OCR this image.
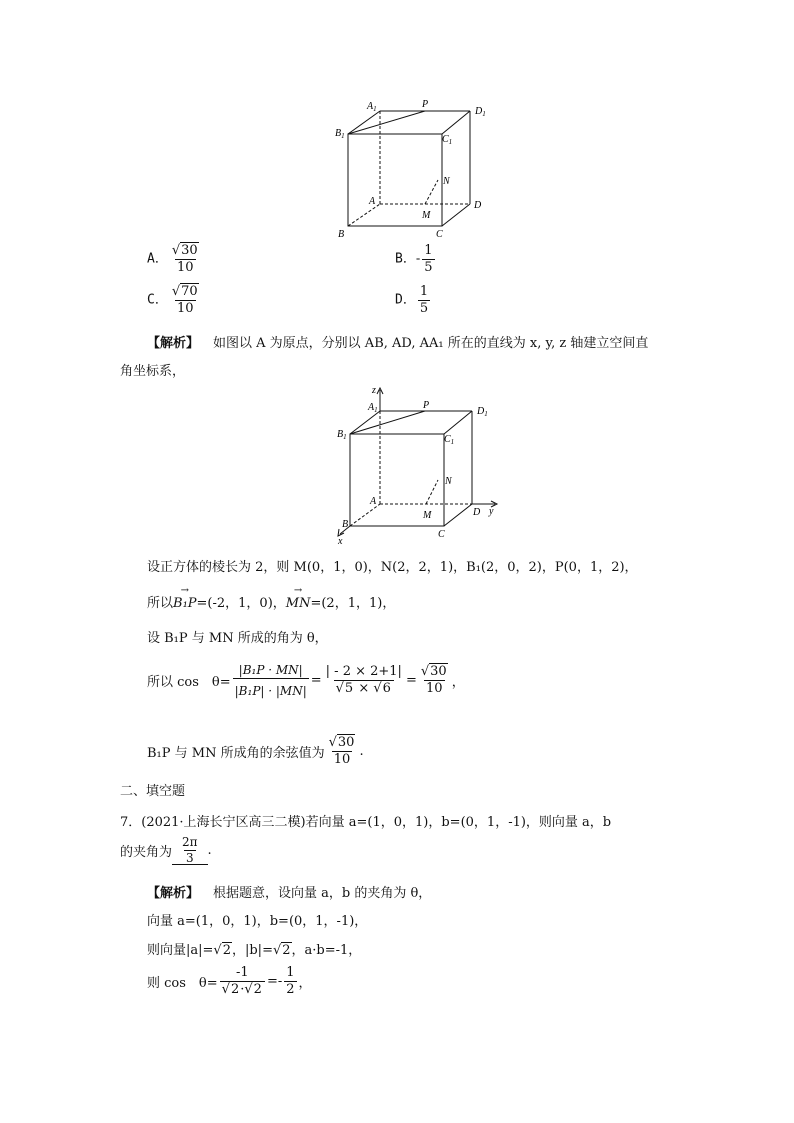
$A_1$	P
$D_1$
$B_1$	$C_1$
N
A
M
D
B	C
A． $\frac{√30}{10}$	B．- $\frac{1}{5}$
C． $\frac{√70}{10}$	D． $\frac{1}{5}$
【解析】 如图以 A 为原点，分别以 AB, AD, AA₁ 所在的直线为 x, y, z 轴建立空间直
角坐标系，
z
$A_1$	P
$D_1$
$B_1$	$C_1$
N
A
M	D y
B
C
x
设正方体的棱长为 2，则 M(0，1，0)，N(2，2，1)，B₁(2，0，2)，P(0，1，2)，
所以→ B₁P=(-2，1，0)，→ MN=(2，1，1)，
设 B₁P 与 MN 所成的角为 θ，
所以 cos　$\theta= \frac{\text{|B₁P · MN|}}{\text{|B₁P| · |MN|}} = \frac{| - 2 \times 2+1|}{√5 \times √6} = \frac{√30}{10}$ ，
B₁P 与 MN 所成角的余弦值为 $\frac{√30}{10}$ .
二、填空题
7．(2021·上海长宁区高三二模)若向量 a=(1，0，1)，b=(0，1，-1)，则向量 a，b
的夹角为 $\frac{2\pi}{3}$ .
【解析】 根据题意，设向量 a，b 的夹角为 θ，
向量 a=(1，0，1)，b=(0，1，-1)，
则向量|a|=√2，|b|=√2，a·b=-1，
则 cos　$\theta= \frac{-1}{√2\cdot√2} =- \frac{1}{2}$ ，
